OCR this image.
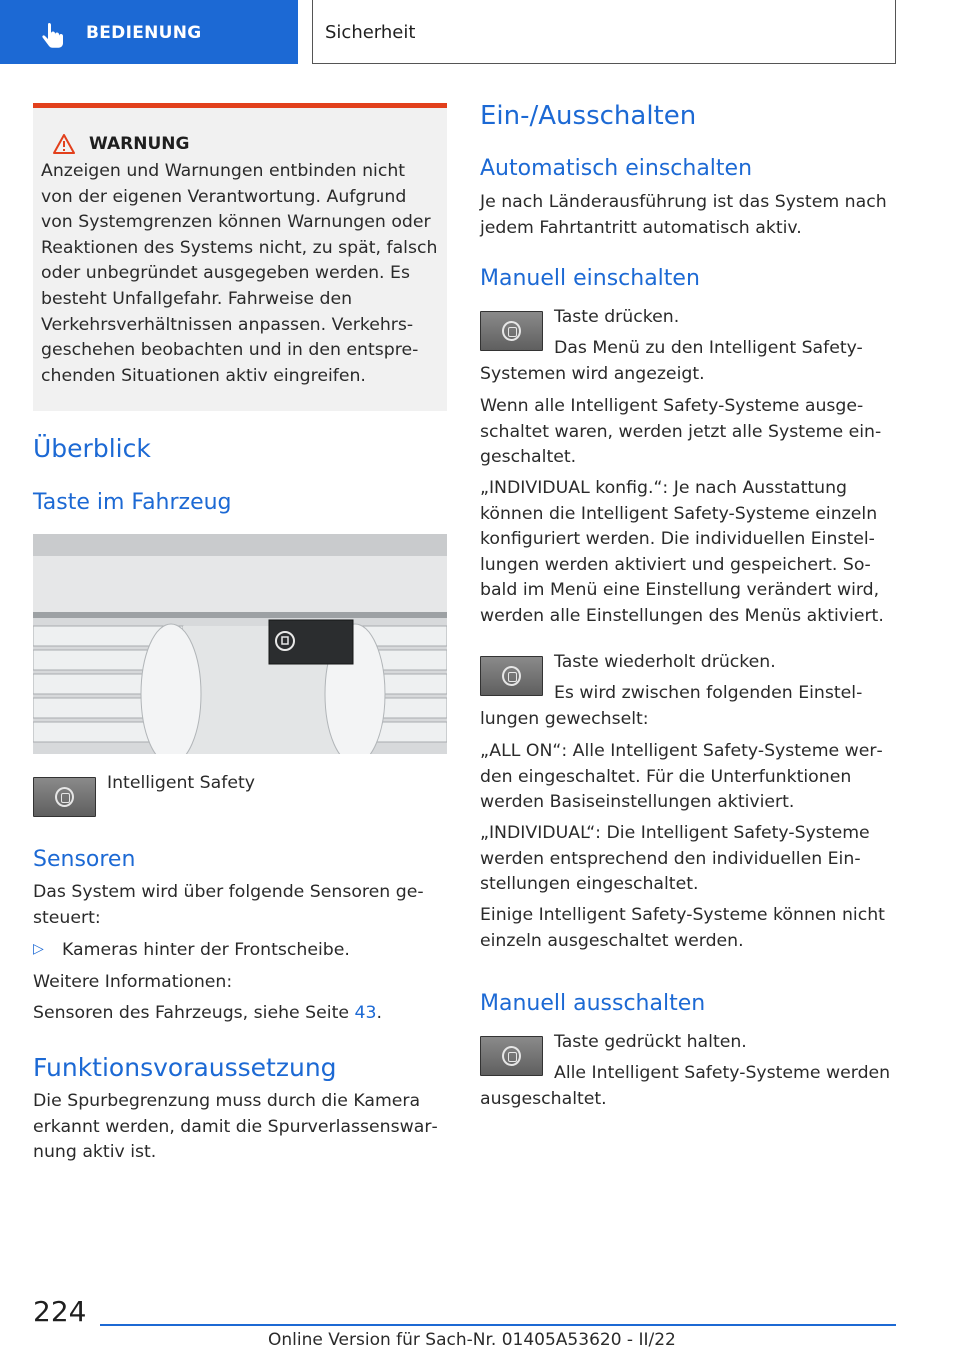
BEDIENUNG	Sicherheit
WARNUNG

Anzeigen und Warnungen entbinden nicht von der eigenen Verantwortung. Aufgrund von Systemgrenzen können Warnungen oder Reaktionen des Systems nicht, zu spät, falsch oder unbegründet ausgegeben werden. Es besteht Unfallgefahr. Fahrweise den Verkehrsverhältnissen anpassen. Verkehrsgeschehen beobachten und in den entsprechenden Situationen aktiv eingreifen.

Überblick
Taste im Fahrzeug

Intelligent Safety

Sensoren

Das System wird über folgende Sensoren gesteuert:

▷	Kameras hinter der Frontscheibe.

Weitere Informationen:

Sensoren des Fahrzeugs, siehe Seite 43.

Funktionsvoraussetzung

Die Spurbegrenzung muss durch die Kamera erkannt werden, damit die Spurverlassenswarnung aktiv ist.

Ein-/Ausschalten
Automatisch einschalten

Je nach Länderausführung ist das System nach jedem Fahrtantritt automatisch aktiv.

Manuell einschalten

Taste drücken.

Das Menü zu den Intelligent Safety-Systemen wird angezeigt.

Wenn alle Intelligent Safety-Systeme ausgeschaltet waren, werden jetzt alle Systeme eingeschaltet.

„INDIVIDUAL konfig.“: Je nach Ausstattung können die Intelligent Safety-Systeme einzeln konfiguriert werden. Die individuellen Einstellungen werden aktiviert und gespeichert. Sobald im Menü eine Einstellung verändert wird, werden alle Einstellungen des Menüs aktiviert.

Taste wiederholt drücken.

Es wird zwischen folgenden Einstellungen gewechselt:

„ALL ON“: Alle Intelligent Safety-Systeme werden eingeschaltet. Für die Unterfunktionen werden Basiseinstellungen aktiviert.

„INDIVIDUAL“: Die Intelligent Safety-Systeme werden entsprechend den individuellen Einstellungen eingeschaltet.

Einige Intelligent Safety-Systeme können nicht einzeln ausgeschaltet werden.

Manuell ausschalten

Taste gedrückt halten.

Alle Intelligent Safety-Systeme werden ausgeschaltet.

224
Online Version für Sach-Nr. 01405A53620 - II/22
